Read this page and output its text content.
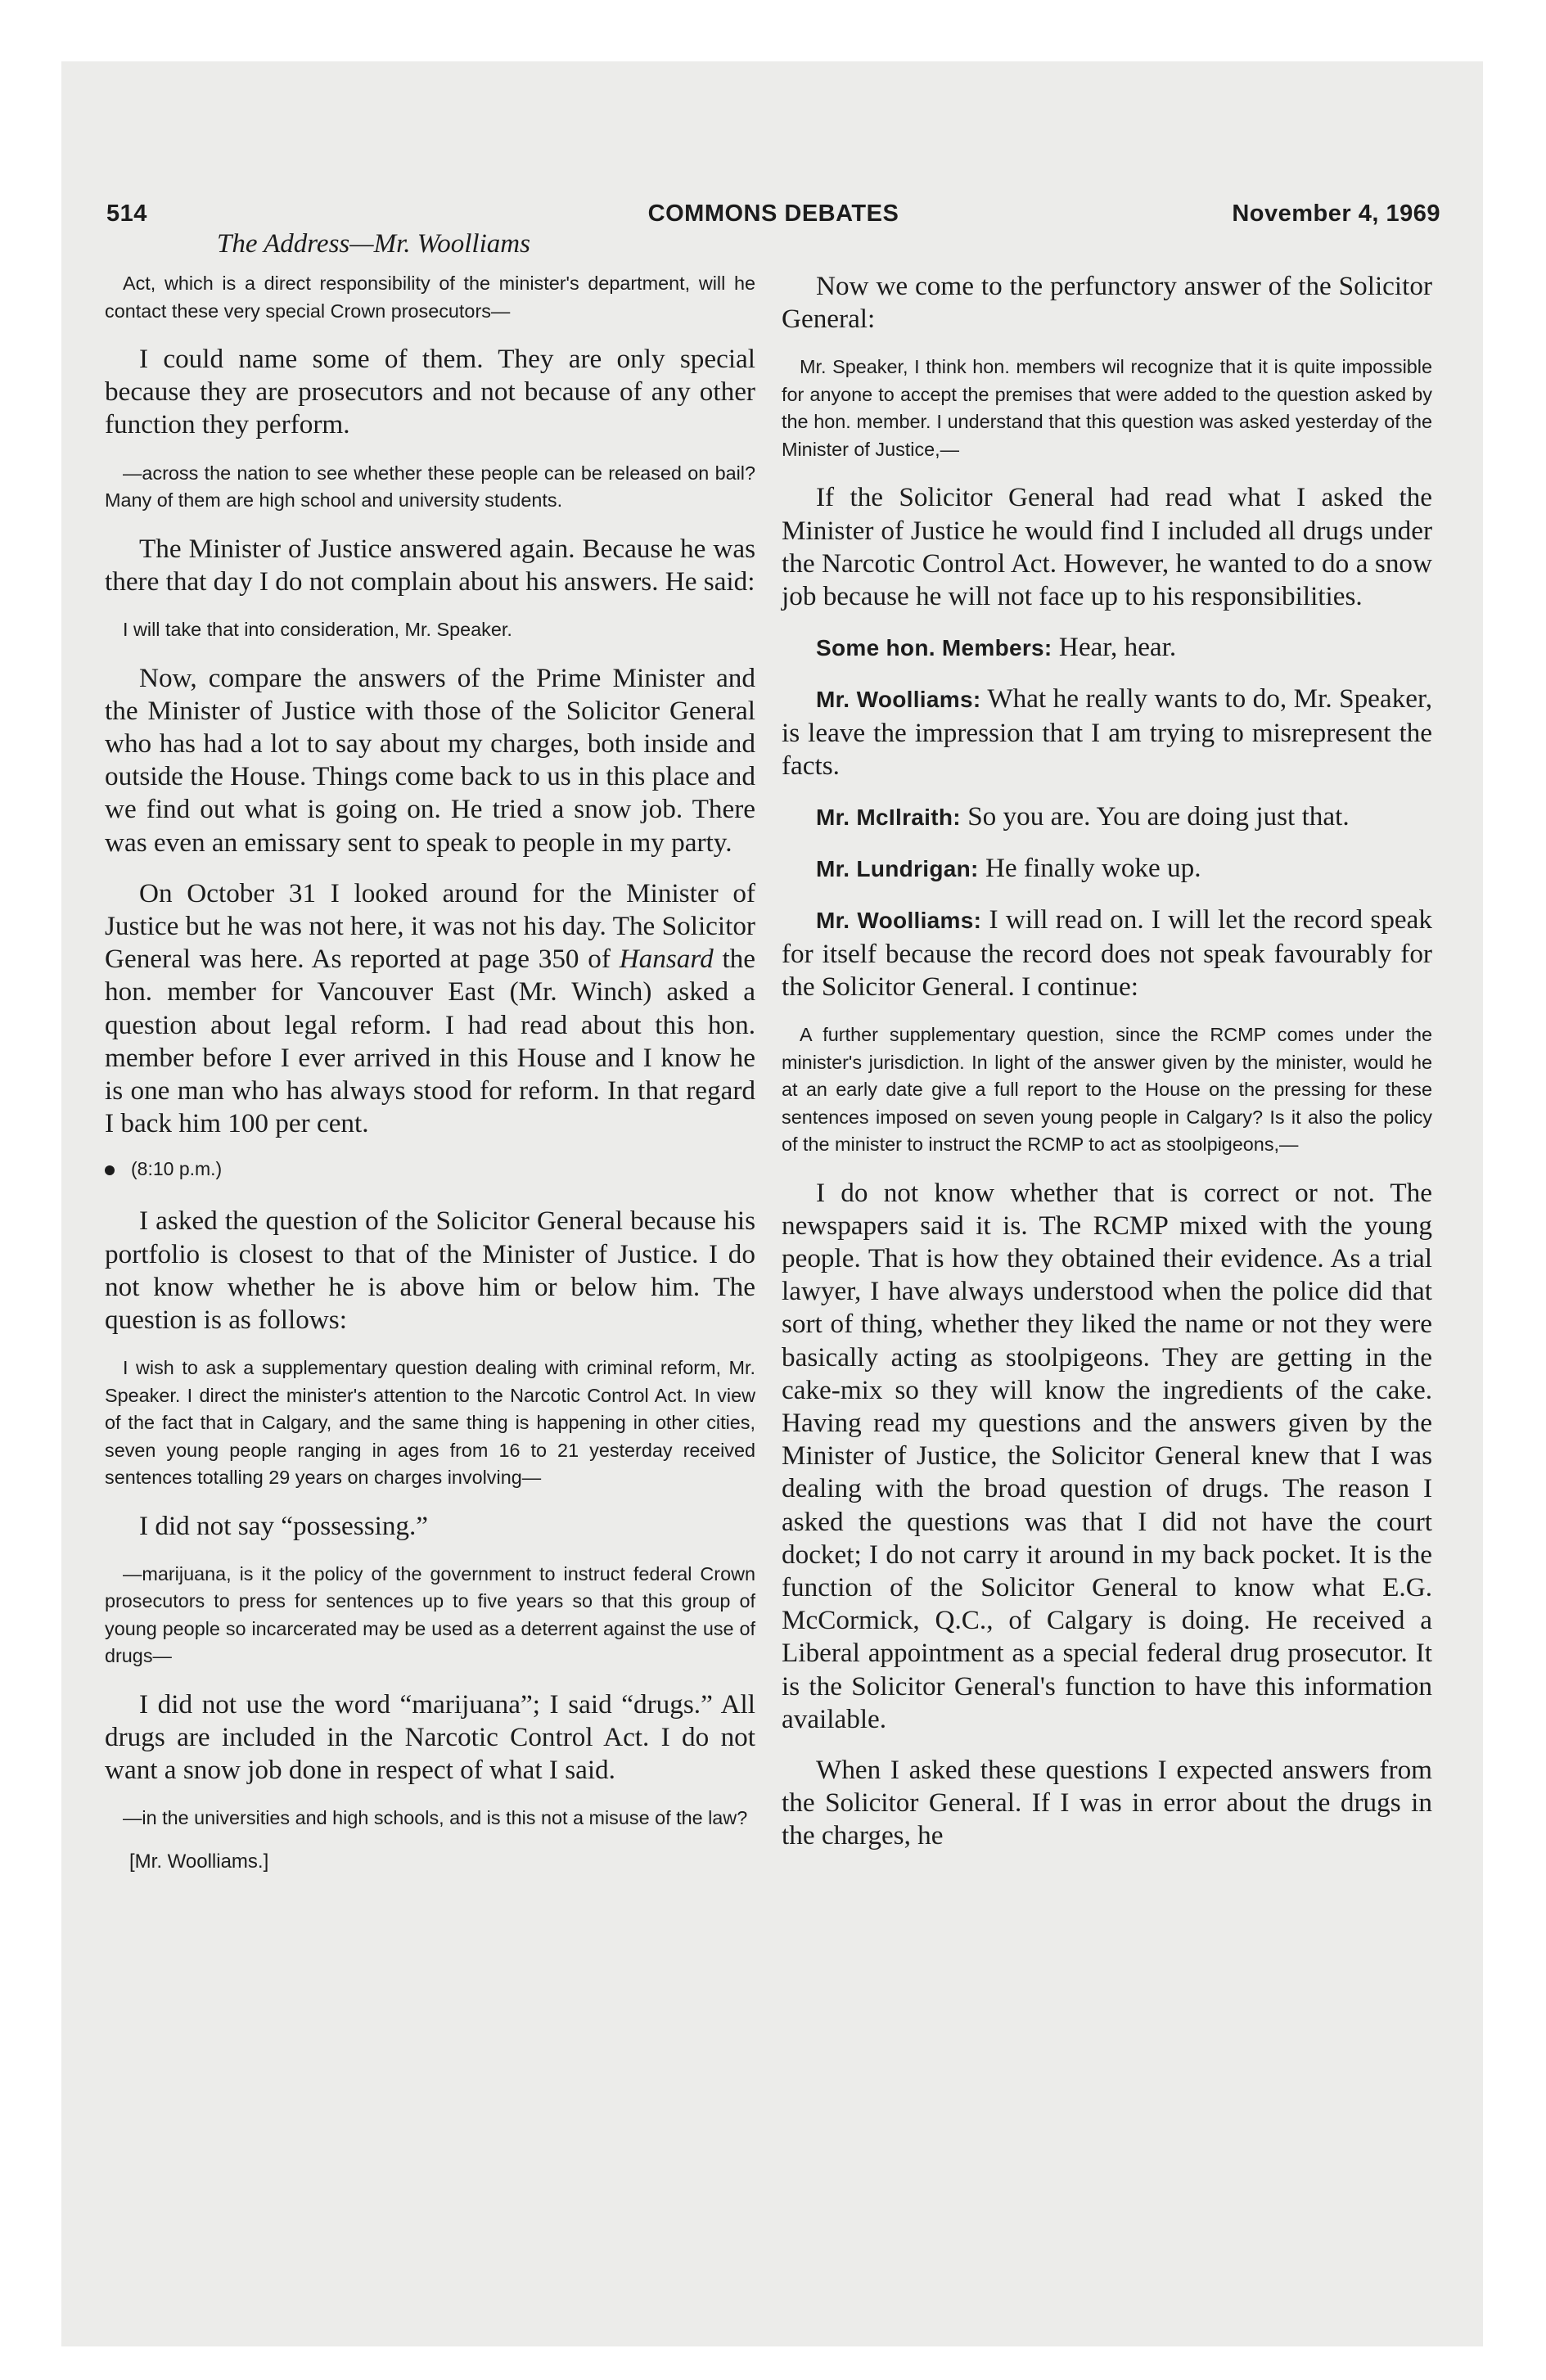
514	COMMONS DEBATES	November 4, 1969
The Address—Mr. Woolliams

Act, which is a direct responsibility of the minister's department, will he contact these very special Crown prosecutors—

I could name some of them. They are only special because they are prosecutors and not because of any other function they perform.

—across the nation to see whether these people can be released on bail? Many of them are high school and university students.

The Minister of Justice answered again. Because he was there that day I do not complain about his answers. He said:

I will take that into consideration, Mr. Speaker.

Now, compare the answers of the Prime Minister and the Minister of Justice with those of the Solicitor General who has had a lot to say about my charges, both inside and outside the House. Things come back to us in this place and we find out what is going on. He tried a snow job. There was even an emissary sent to speak to people in my party.

On October 31 I looked around for the Minister of Justice but he was not here, it was not his day. The Solicitor General was here. As reported at page 350 of Hansard the hon. member for Vancouver East (Mr. Winch) asked a question about legal reform. I had read about this hon. member before I ever arrived in this House and I know he is one man who has always stood for reform. In that regard I back him 100 per cent.

(8:10 p.m.)

I asked the question of the Solicitor General because his portfolio is closest to that of the Minister of Justice. I do not know whether he is above him or below him. The question is as follows:

I wish to ask a supplementary question dealing with criminal reform, Mr. Speaker. I direct the minister's attention to the Narcotic Control Act. In view of the fact that in Calgary, and the same thing is happening in other cities, seven young people ranging in ages from 16 to 21 yesterday received sentences totalling 29 years on charges involving—

I did not say “possessing.”

—marijuana, is it the policy of the government to instruct federal Crown prosecutors to press for sentences up to five years so that this group of young people so incarcerated may be used as a deterrent against the use of drugs—

I did not use the word “marijuana”; I said “drugs.” All drugs are included in the Narcotic Control Act. I do not want a snow job done in respect of what I said.

—in the universities and high schools, and is this not a misuse of the law?

[Mr. Woolliams.]

Now we come to the perfunctory answer of the Solicitor General:

Mr. Speaker, I think hon. members wil recognize that it is quite impossible for anyone to accept the premises that were added to the question asked by the hon. member. I understand that this question was asked yesterday of the Minister of Justice,—

If the Solicitor General had read what I asked the Minister of Justice he would find I included all drugs under the Narcotic Control Act. However, he wanted to do a snow job because he will not face up to his responsibilities.

Some hon. Members: Hear, hear.

Mr. Woolliams: What he really wants to do, Mr. Speaker, is leave the impression that I am trying to misrepresent the facts.

Mr. McIlraith: So you are. You are doing just that.

Mr. Lundrigan: He finally woke up.

Mr. Woolliams: I will read on. I will let the record speak for itself because the record does not speak favourably for the Solicitor General. I continue:

A further supplementary question, since the RCMP comes under the minister's jurisdiction. In light of the answer given by the minister, would he at an early date give a full report to the House on the pressing for these sentences imposed on seven young people in Calgary? Is it also the policy of the minister to instruct the RCMP to act as stoolpigeons,—

I do not know whether that is correct or not. The newspapers said it is. The RCMP mixed with the young people. That is how they obtained their evidence. As a trial lawyer, I have always understood when the police did that sort of thing, whether they liked the name or not they were basically acting as stoolpigeons. They are getting in the cake-mix so they will know the ingredients of the cake. Having read my questions and the answers given by the Minister of Justice, the Solicitor General knew that I was dealing with the broad question of drugs. The reason I asked the questions was that I did not have the court docket; I do not carry it around in my back pocket. It is the function of the Solicitor General to know what E.G. McCormick, Q.C., of Calgary is doing. He received a Liberal appointment as a special federal drug prosecutor. It is the Solicitor General's function to have this information available.

When I asked these questions I expected answers from the Solicitor General. If I was in error about the drugs in the charges, he
